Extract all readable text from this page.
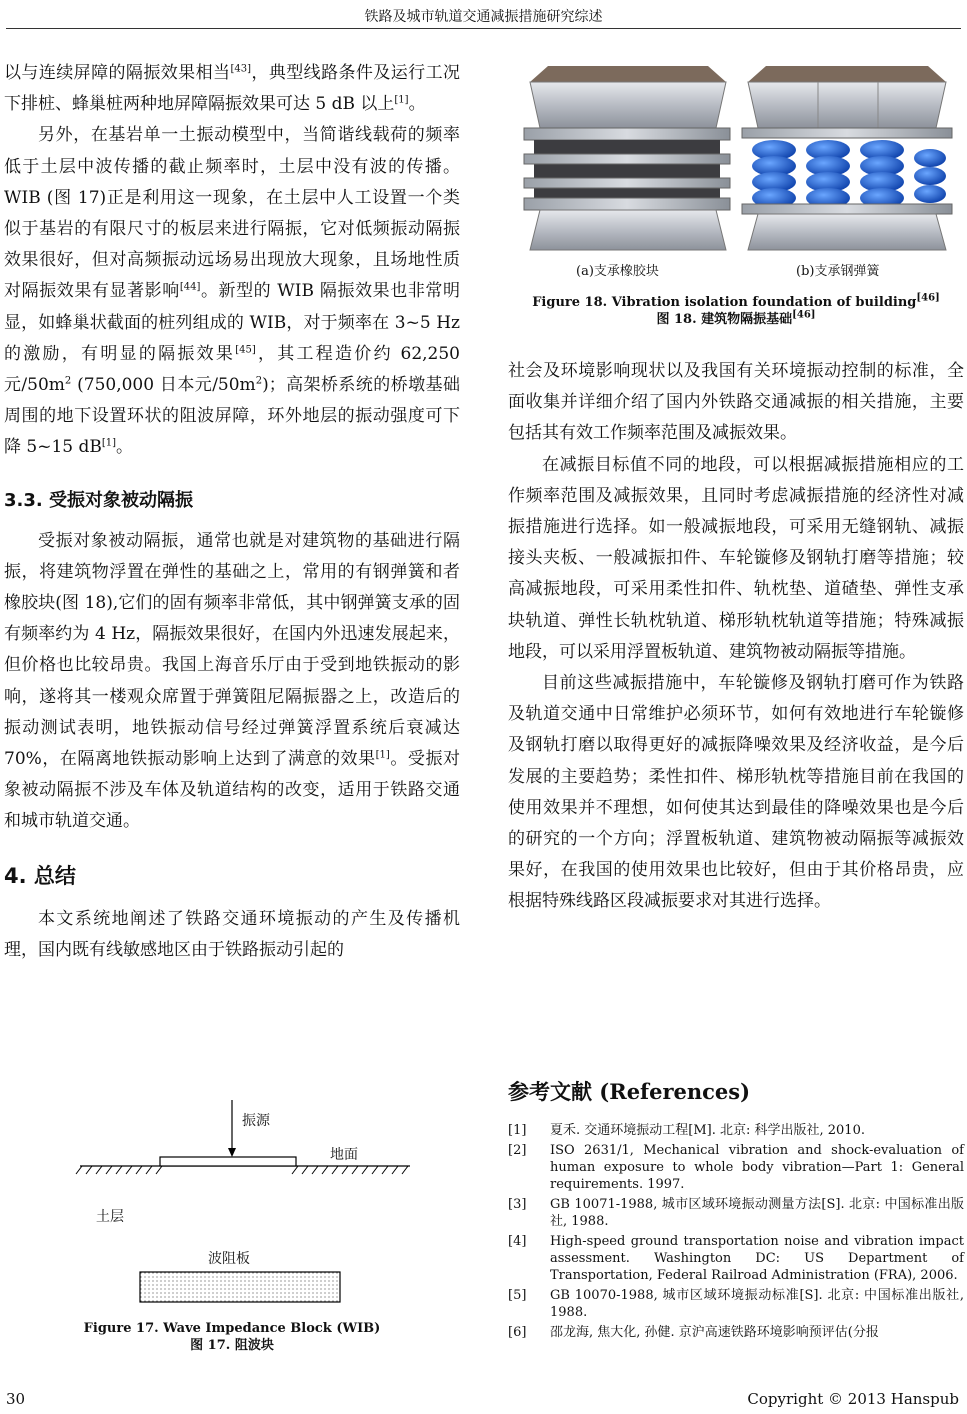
铁路及城市轨道交通减振措施研究综述

以与连续屏障的隔振效果相当[43]，典型线路条件及运行工况下排桩、蜂巢桩两种地屏障隔振效果可达 5 dB 以上[1]。

另外，在基岩单一土振动模型中，当简谐线载荷的频率低于土层中波传播的截止频率时，土层中没有波的传播。WIB (图 17)正是利用这一现象，在土层中人工设置一个类似于基岩的有限尺寸的板层来进行隔振，它对低频振动隔振效果很好，但对高频振动远场易出现放大现象，且场地性质对隔振效果有显著影响[44]。新型的 WIB 隔振效果也非常明显，如蜂巢状截面的桩列组成的 WIB，对于频率在 3~5 Hz 的激励，有明显的隔振效果[45]，其工程造价约 62,250 元$/50m^2$ (750,000 日本元$/50m^2$)；高架桥系统的桥墩基础周围的地下设置环状的阻波屏障，环外地层的振动强度可下降 5~15 dB[1]。

3.3. 受振对象被动隔振

受振对象被动隔振，通常也就是对建筑物的基础进行隔振，将建筑物浮置在弹性的基础之上，常用的有钢弹簧和者橡胶块(图 18),它们的固有频率非常低，其中钢弹簧支承的固有频率约为 4 Hz，隔振效果很好，在国内外迅速发展起来，但价格也比较昂贵。我国上海音乐厅由于受到地铁振动的影响，遂将其一楼观众席置于弹簧阻尼隔振器之上，改造后的振动测试表明，地铁振动信号经过弹簧浮置系统后衰减达 70%，在隔离地铁振动影响上达到了满意的效果[1]。受振对象被动隔振不涉及车体及轨道结构的改变，适用于铁路交通和城市轨道交通。

4. 总结

本文系统地阐述了铁路交通环境振动的产生及传播机理，国内既有线敏感地区由于铁路振动引起的

振源
地面
土层
波阻板
Figure 17. Wave Impedance Block (WIB)
图 17. 阻波块
(a)支承橡胶块	(b)支承钢弹簧
Figure 18. Vibration isolation foundation of building[46]
图 18. 建筑物隔振基础[46]

社会及环境影响现状以及我国有关环境振动控制的标准，全面收集并详细介绍了国内外铁路交通减振的相关措施，主要包括其有效工作频率范围及减振效果。

在减振目标值不同的地段，可以根据减振措施相应的工作频率范围及减振效果，且同时考虑减振措施的经济性对减振措施进行选择。如一般减振地段，可采用无缝钢轨、减振接头夹板、一般减振扣件、车轮镟修及钢轨打磨等措施；较高减振地段，可采用柔性扣件、轨枕垫、道碴垫、弹性支承块轨道、弹性长轨枕轨道、梯形轨枕轨道等措施；特殊减振地段，可以采用浮置板轨道、建筑物被动隔振等措施。

目前这些减振措施中，车轮镟修及钢轨打磨可作为铁路及轨道交通中日常维护必须环节，如何有效地进行车轮镟修及钢轨打磨以取得更好的减振降噪效果及经济收益，是今后发展的主要趋势；柔性扣件、梯形轨枕等措施目前在我国的使用效果并不理想，如何使其达到最佳的降噪效果也是今后的研究的一个方向；浮置板轨道、建筑物被动隔振等减振效果好，在我国的使用效果也比较好，但由于其价格昂贵，应根据特殊线路区段减振要求对其进行选择。

参考文献 (References)
[1]	夏禾. 交通环境振动工程[M]. 北京: 科学出版社, 2010.
[2]	ISO 2631/1, Mechanical vibration and shock-evaluation of human exposure to whole body vibration—Part 1: General requirements. 1997.
[3]	GB 10071-1988, 城市区域环境振动测量方法[S]. 北京: 中国标准出版社, 1988.
[4]	High-speed ground transportation noise and vibration impact assessment. Washington DC: US Department of Transportation, Federal Railroad Administration (FRA), 2006.
[5]	GB 10070-1988, 城市区域环境振动标准[S]. 北京: 中国标准出版社, 1988.
[6]	邵龙海, 焦大化, 孙健. 京沪高速铁路环境影响预评估(分报
30	Copyright © 2013 Hanspub
